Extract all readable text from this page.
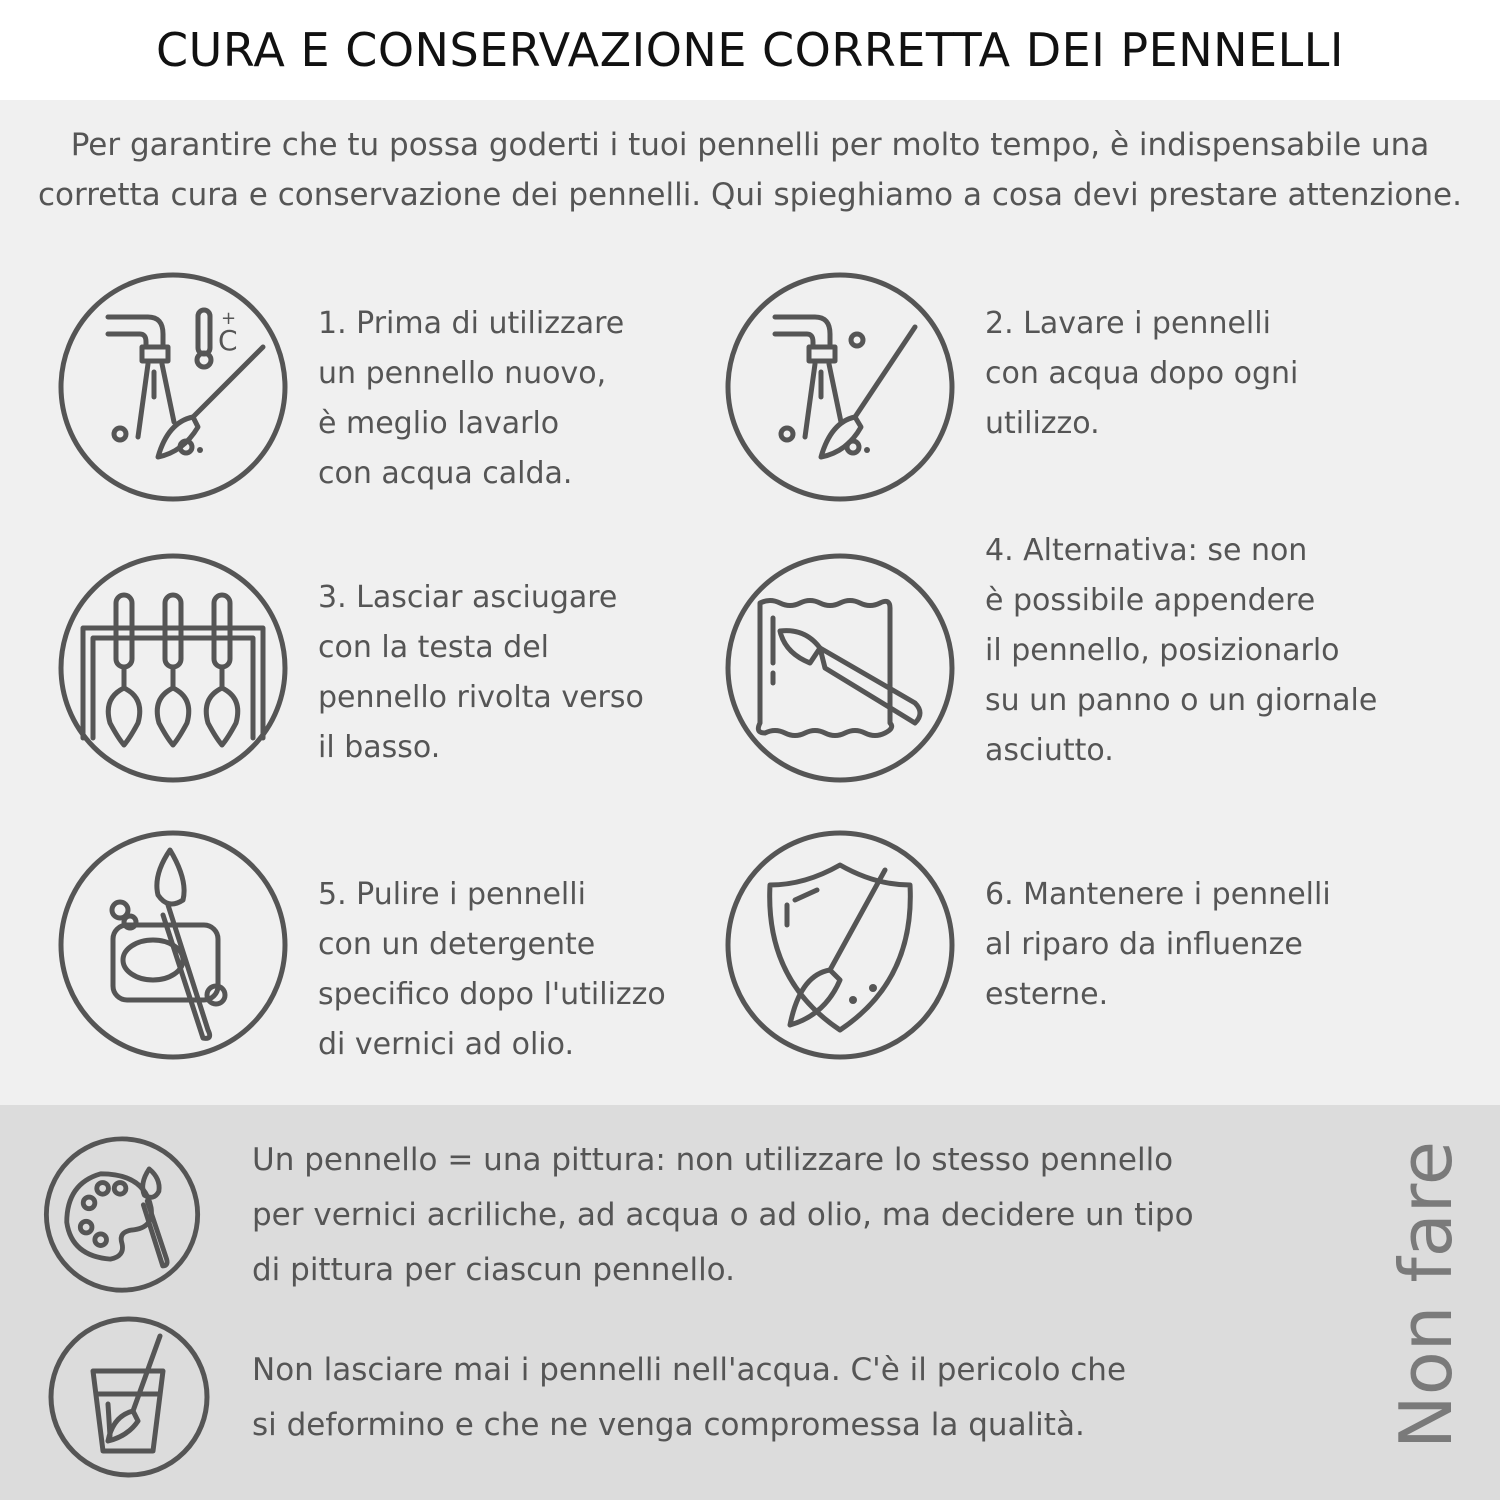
CURA E CONSERVAZIONE CORRETTA DEI PENNELLI
Per garantire che tu possa goderti i tuoi pennelli per molto tempo, è indispensabile una corretta cura e conservazione dei pennelli. Qui spieghiamo a cosa devi prestare attenzione.
C
+	1. Prima di utilizzare
un pennello nuovo,
è meglio lavarlo
con acqua calda.
2. Lavare i pennelli
con acqua dopo ogni
utilizzo.
3. Lasciar asciugare
con la testa del
pennello rivolta verso
il basso.
4. Alternativa: se non
è possibile appendere
il pennello, posizionarlo
su un panno o un giornale
asciutto.
5. Pulire i pennelli
con un detergente
specifico dopo l'utilizzo
di vernici ad olio.
6. Mantenere i pennelli
al riparo da influenze
esterne.
Un pennello = una pittura: non utilizzare lo stesso pennello
per vernici acriliche, ad acqua o ad olio, ma decidere un tipo
di pittura per ciascun pennello.
Non lasciare mai i pennelli nell'acqua. C'è il pericolo che
si deformino e che ne venga compromessa la qualità.	Non fare
